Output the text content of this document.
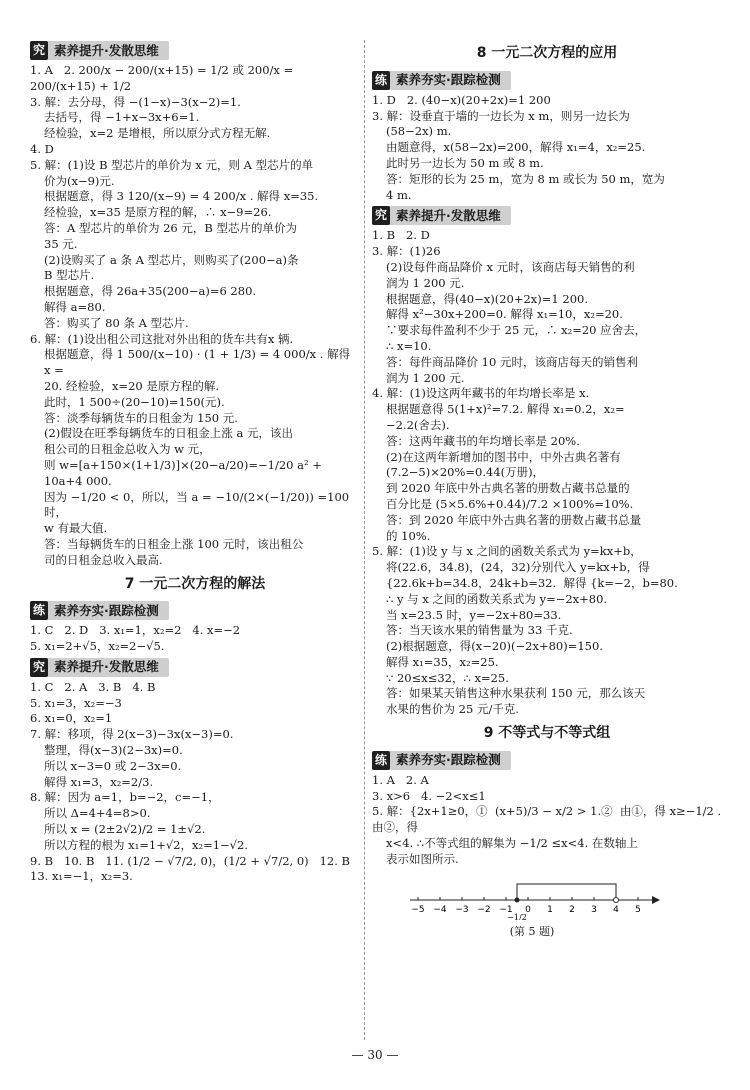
究 素养提升·发散思维
1. A   2. 200/x − 200/(x+15) = 1/2 或 200/x = 200/(x+15) + 1/2
3. 解：去分母，得 −(1−x)−3(x−2)=1.
去括号，得 −1+x−3x+6=1.
经检验，x=2 是增根，所以原分式方程无解.
4. D
5. 解：(1)设 B 型芯片的单价为 x 元，则 A 型芯片的单
价为(x−9)元.
根据题意，得 3 120/(x−9) = 4 200/x . 解得 x=35.
经检验，x=35 是原方程的解，∴ x−9=26.
答：A 型芯片的单价为 26 元，B 型芯片的单价为
35 元.
(2)设购买了 a 条 A 型芯片，则购买了(200−a)条
B 型芯片.
根据题意，得 26a+35(200−a)=6 280.
解得 a=80.
答：购买了 80 条 A 型芯片.
6. 解：(1)设出租公司这批对外出租的货车共有x 辆.
根据题意，得 1 500/(x−10) · (1 + 1/3) = 4 000/x . 解得 x =
20. 经检验，x=20 是原方程的解.
此时，1 500÷(20−10)=150(元).
答：淡季每辆货车的日租金为 150 元.
(2)假设在旺季每辆货车的日租金上涨 a 元，该出
租公司的日租金总收入为 w 元，
则 w=[a+150×(1+1/3)]×(20−a/20)=−1/20 a² +
10a+4 000.
因为 −1/20 < 0，所以，当 a = −10/(2×(−1/20)) =100 时，
w 有最大值.
答：当每辆货车的日租金上涨 100 元时，该出租公
司的日租金总收入最高.
7 一元二次方程的解法
练 素养夯实·跟踪检测
1. C   2. D   3. x₁=1，x₂=2   4. x=−2
5. x₁=2+√5，x₂=2−√5.
究 素养提升·发散思维
1. C   2. A   3. B   4. B
5. x₁=3，x₂=−3
6. x₁=0，x₂=1
7. 解：移项，得 2(x−3)−3x(x−3)=0.
整理，得(x−3)(2−3x)=0.
所以 x−3=0 或 2−3x=0.
解得 x₁=3，x₂=2/3.
8. 解：因为 a=1，b=−2，c=−1，
所以 Δ=4+4=8>0.
所以 x = (2±2√2)/2 = 1±√2.
所以方程的根为 x₁=1+√2，x₂=1−√2.
9. B   10. B   11. (1/2 − √7/2, 0)，(1/2 + √7/2, 0)   12. B
13. x₁=−1，x₂=3.
8 一元二次方程的应用
练 素养夯实·跟踪检测
1. D   2. (40−x)(20+2x)=1 200
3. 解：设垂直于墙的一边长为 x m，则另一边长为
(58−2x) m.
由题意得，x(58−2x)=200，解得 x₁=4，x₂=25.
此时另一边长为 50 m 或 8 m.
答：矩形的长为 25 m，宽为 8 m 或长为 50 m，宽为
4 m.
究 素养提升·发散思维
1. B   2. D
3. 解：(1)26
(2)设每件商品降价 x 元时，该商店每天销售的利
润为 1 200 元.
根据题意，得(40−x)(20+2x)=1 200.
解得 x²−30x+200=0. 解得 x₁=10，x₂=20.
∵要求每件盈利不少于 25 元，∴ x₂=20 应舍去，
∴ x=10.
答：每件商品降价 10 元时，该商店每天的销售利
润为 1 200 元.
4. 解：(1)设这两年藏书的年均增长率是 x.
根据题意得 5(1+x)²=7.2. 解得 x₁=0.2，x₂=
−2.2(舍去).
答：这两年藏书的年均增长率是 20%.
(2)在这两年新增加的图书中，中外古典名著有
(7.2−5)×20%=0.44(万册)，
到 2020 年底中外古典名著的册数占藏书总量的
百分比是 (5×5.6%+0.44)/7.2 ×100%=10%.
答：到 2020 年底中外古典名著的册数占藏书总量
的 10%.
5. 解：(1)设 y 与 x 之间的函数关系式为 y=kx+b，
将(22.6，34.8)，(24，32)分别代入 y=kx+b，得
{22.6k+b=34.8，24k+b=32.  解得 {k=−2，b=80.
∴ y 与 x 之间的函数关系式为 y=−2x+80.
当 x=23.5 时，y=−2x+80=33.
答：当天该水果的销售量为 33 千克.
(2)根据题意，得(x−20)(−2x+80)=150.
解得 x₁=35，x₂=25.
∵ 20≤x≤32，∴ x=25.
答：如果某天销售这种水果获利 150 元，那么该天
水果的售价为 25 元/千克.
9 不等式与不等式组
练 素养夯实·跟踪检测
1. A   2. A
3. x>6   4. −2<x≤1
5. 解：{2x+1≥0，①  (x+5)/3 − x/2 > 1.②  由①，得 x≥−1/2 . 由②，得
x<4. ∴不等式组的解集为 −1/2 ≤x<4. 在数轴上
表示如图所示.
−5 −4 −3 −2 −1 0 1 2 3 4 5
−1/2
(第 5 题)
— 30 —
